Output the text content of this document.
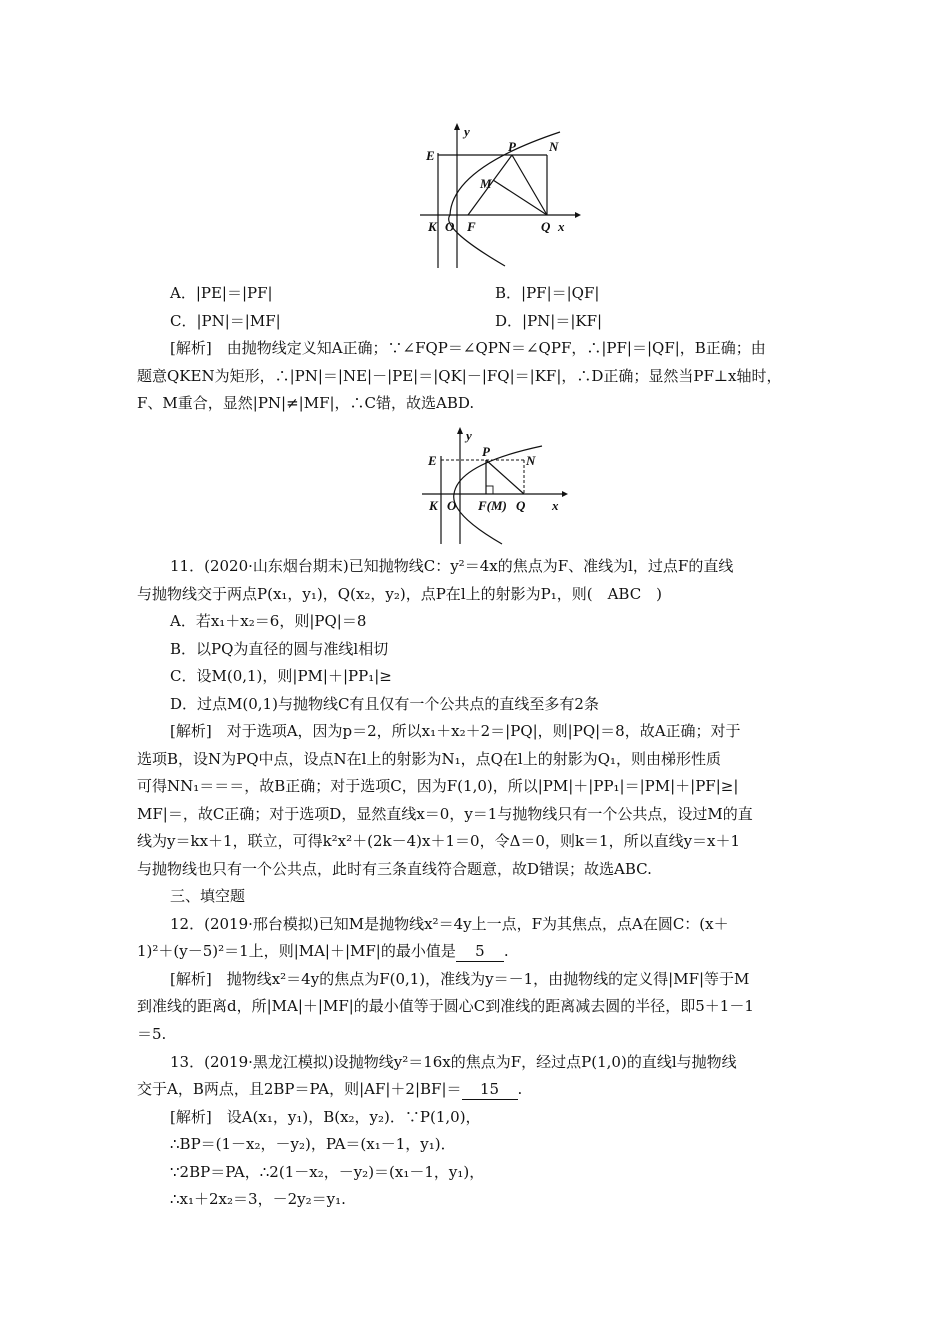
E
P	N
M
K O F	Q x
y
A．|PE|＝|PF|	B．|PF|＝|QF|
C．|PN|＝|MF|	D．|PN|＝|KF|
[解析]　由抛物线定义知A正确；∵∠FQP＝∠QPN＝∠QPF，∴|PF|＝|QF|，B正确；由
题意QKEN为矩形，∴|PN|＝|NE|－|PE|＝|QK|－|FQ|＝|KF|，∴D正确；显然当PF⊥x轴时，
F、M重合，显然|PN|≠|MF|，∴C错，故选ABD.
E
P
N
K O F(M) Q x
y
11．(2020·山东烟台期末)已知抛物线C：y²＝4x的焦点为F、准线为l，过点F的直线
与抛物线交于两点P(x₁，y₁)，Q(x₂，y₂)，点P在l上的射影为P₁，则(　ABC　)
A．若x₁＋x₂＝6，则|PQ|＝8
B．以PQ为直径的圆与准线l相切
C．设M(0,1)，则|PM|＋|PP₁|≥
D．过点M(0,1)与抛物线C有且仅有一个公共点的直线至多有2条
[解析]　对于选项A，因为p＝2，所以x₁＋x₂＋2＝|PQ|，则|PQ|＝8，故A正确；对于
选项B，设N为PQ中点，设点N在l上的射影为N₁，点Q在l上的射影为Q₁，则由梯形性质
可得NN₁＝＝＝，故B正确；对于选项C，因为F(1,0)，所以|PM|＋|PP₁|＝|PM|＋|PF|≥|
MF|＝，故C正确；对于选项D，显然直线x＝0，y＝1与抛物线只有一个公共点，设过M的直
线为y＝kx＋1，联立，可得k²x²＋(2k－4)x＋1＝0，令Δ＝0，则k＝1，所以直线y＝x＋1
与抛物线也只有一个公共点，此时有三条直线符合题意，故D错误；故选ABC.
三、填空题
12．(2019·邢台模拟)已知M是抛物线x²＝4y上一点，F为其焦点，点A在圆C：(x＋
1)²＋(y－5)²＝1上，则|MA|＋|MF|的最小值是 5 .
[解析]　抛物线x²＝4y的焦点为F(0,1)，准线为y＝－1，由抛物线的定义得|MF|等于M
到准线的距离d，所|MA|＋|MF|的最小值等于圆心C到准线的距离减去圆的半径，即5＋1－1
＝5.
13．(2019·黑龙江模拟)设抛物线y²＝16x的焦点为F，经过点P(1,0)的直线l与抛物线
交于A，B两点，且2BP＝PA，则|AF|＋2|BF|＝ 15 .
[解析]　设A(x₁，y₁)，B(x₂，y₂)．∵P(1,0)，
∴BP＝(1－x₂，－y₂)，PA＝(x₁－1，y₁)．
∵2BP＝PA，∴2(1－x₂，－y₂)＝(x₁－1，y₁)，
∴x₁＋2x₂＝3，－2y₂＝y₁.
